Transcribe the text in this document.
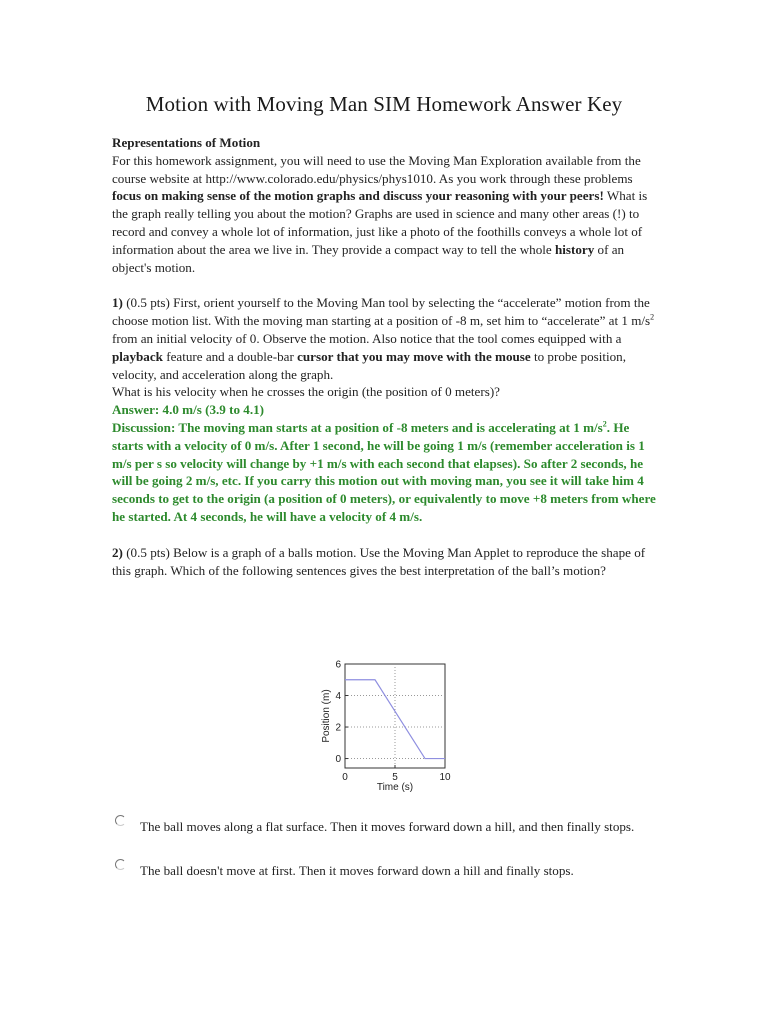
Motion with Moving Man SIM Homework Answer Key

Representations of Motion

For this homework assignment, you will need to use the Moving Man Exploration available from the course website at http://www.colorado.edu/physics/phys1010. As you work through these problems focus on making sense of the motion graphs and discuss your reasoning with your peers! What is the graph really telling you about the motion? Graphs are used in science and many other areas (!) to record and convey a whole lot of information, just like a photo of the foothills conveys a whole lot of information about the area we live in. They provide a compact way to tell the whole history of an object's motion.

1) (0.5 pts) First, orient yourself to the Moving Man tool by selecting the “accelerate” motion from the choose motion list. With the moving man starting at a position of -8 m, set him to “accelerate” at 1 $m/s^2$ from an initial velocity of 0. Observe the motion. Also notice that the tool comes equipped with a playback feature and a double-bar cursor that you may move with the mouse to probe position, velocity, and acceleration along the graph.

What is his velocity when he crosses the origin (the position of 0 meters)?

Answer: 4.0 m/s (3.9 to 4.1)

Discussion: The moving man starts at a position of -8 meters and is accelerating at 1 $m/s^2$. He starts with a velocity of 0 m/s. After 1 second, he will be going 1 m/s (remember acceleration is 1 m/s per s so velocity will change by +1 m/s with each second that elapses). So after 2 seconds, he will be going 2 m/s, etc. If you carry this motion out with moving man, you see it will take him 4 seconds to get to the origin (a position of 0 meters), or equivalently to move +8 meters from where he started. At 4 seconds, he will have a velocity of 4 m/s.

2) (0.5 pts) Below is a graph of a balls motion. Use the Moving Man Applet to reproduce the shape of this graph. Which of the following sentences gives the best interpretation of the ball’s motion?

0	5	10
0
2
4
6
Time (s)
Position (m)
The ball moves along a flat surface. Then it moves forward down a hill, and then finally stops.
The ball doesn't move at first. Then it moves forward down a hill and finally stops.
